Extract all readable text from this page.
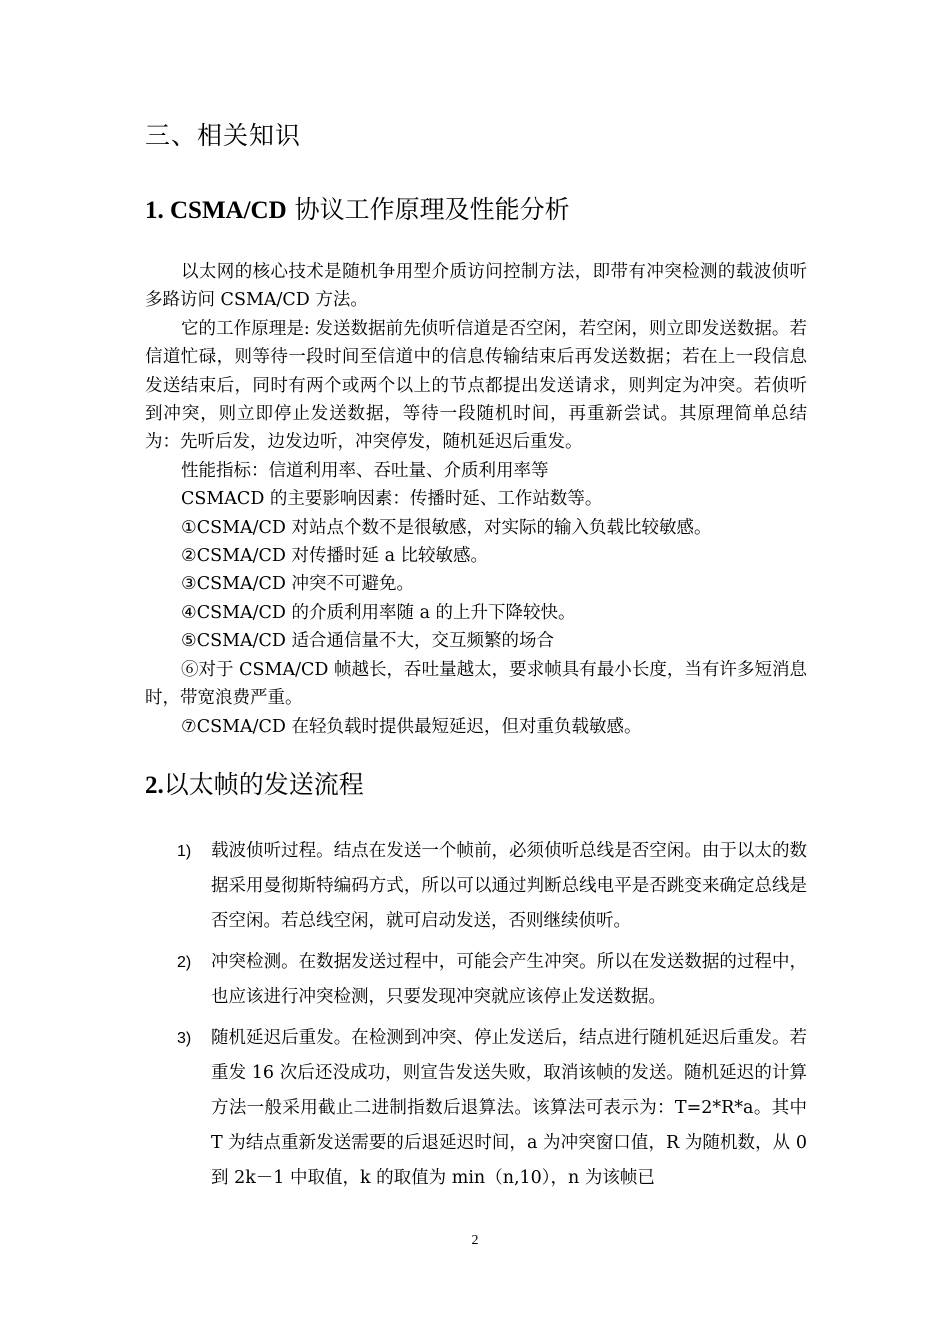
三、相关知识
1. CSMA/CD 协议工作原理及性能分析

以太网的核心技术是随机争用型介质访问控制方法，即带有冲突检测的载波侦听多路访问 CSMA/CD 方法。

它的工作原理是: 发送数据前先侦听信道是否空闲，若空闲，则立即发送数据。若信道忙碌，则等待一段时间至信道中的信息传输结束后再发送数据；若在上一段信息发送结束后，同时有两个或两个以上的节点都提出发送请求，则判定为冲突。若侦听到冲突，则立即停止发送数据，等待一段随机时间，再重新尝试。其原理简单总结为：先听后发，边发边听，冲突停发，随机延迟后重发。

性能指标：信道利用率、吞吐量、介质利用率等

CSMACD 的主要影响因素：传播时延、工作站数等。

①CSMA/CD 对站点个数不是很敏感，对实际的输入负载比较敏感。

②CSMA/CD 对传播时延 a 比较敏感。

③CSMA/CD 冲突不可避免。

④CSMA/CD 的介质利用率随 a 的上升下降较快。

⑤CSMA/CD 适合通信量不大，交互频繁的场合

⑥对于 CSMA/CD 帧越长，吞吐量越太，要求帧具有最小长度，当有许多短消息时，带宽浪费严重。

⑦CSMA/CD 在轻负载时提供最短延迟，但对重负载敏感。

2.以太帧的发送流程
1) 载波侦听过程。结点在发送一个帧前，必须侦听总线是否空闲。由于以太的数据采用曼彻斯特编码方式，所以可以通过判断总线电平是否跳变来确定总线是否空闲。若总线空闲，就可启动发送，否则继续侦听。
2) 冲突检测。在数据发送过程中，可能会产生冲突。所以在发送数据的过程中，也应该进行冲突检测，只要发现冲突就应该停止发送数据。
3) 随机延迟后重发。在检测到冲突、停止发送后，结点进行随机延迟后重发。若重发 16 次后还没成功，则宣告发送失败，取消该帧的发送。随机延迟的计算方法一般采用截止二进制指数后退算法。该算法可表示为：T=2*R*a。其中 T 为结点重新发送需要的后退延迟时间，a 为冲突窗口值，R 为随机数，从 0 到 2k－1 中取值，k 的取值为 min（n,10），n 为该帧已
2
